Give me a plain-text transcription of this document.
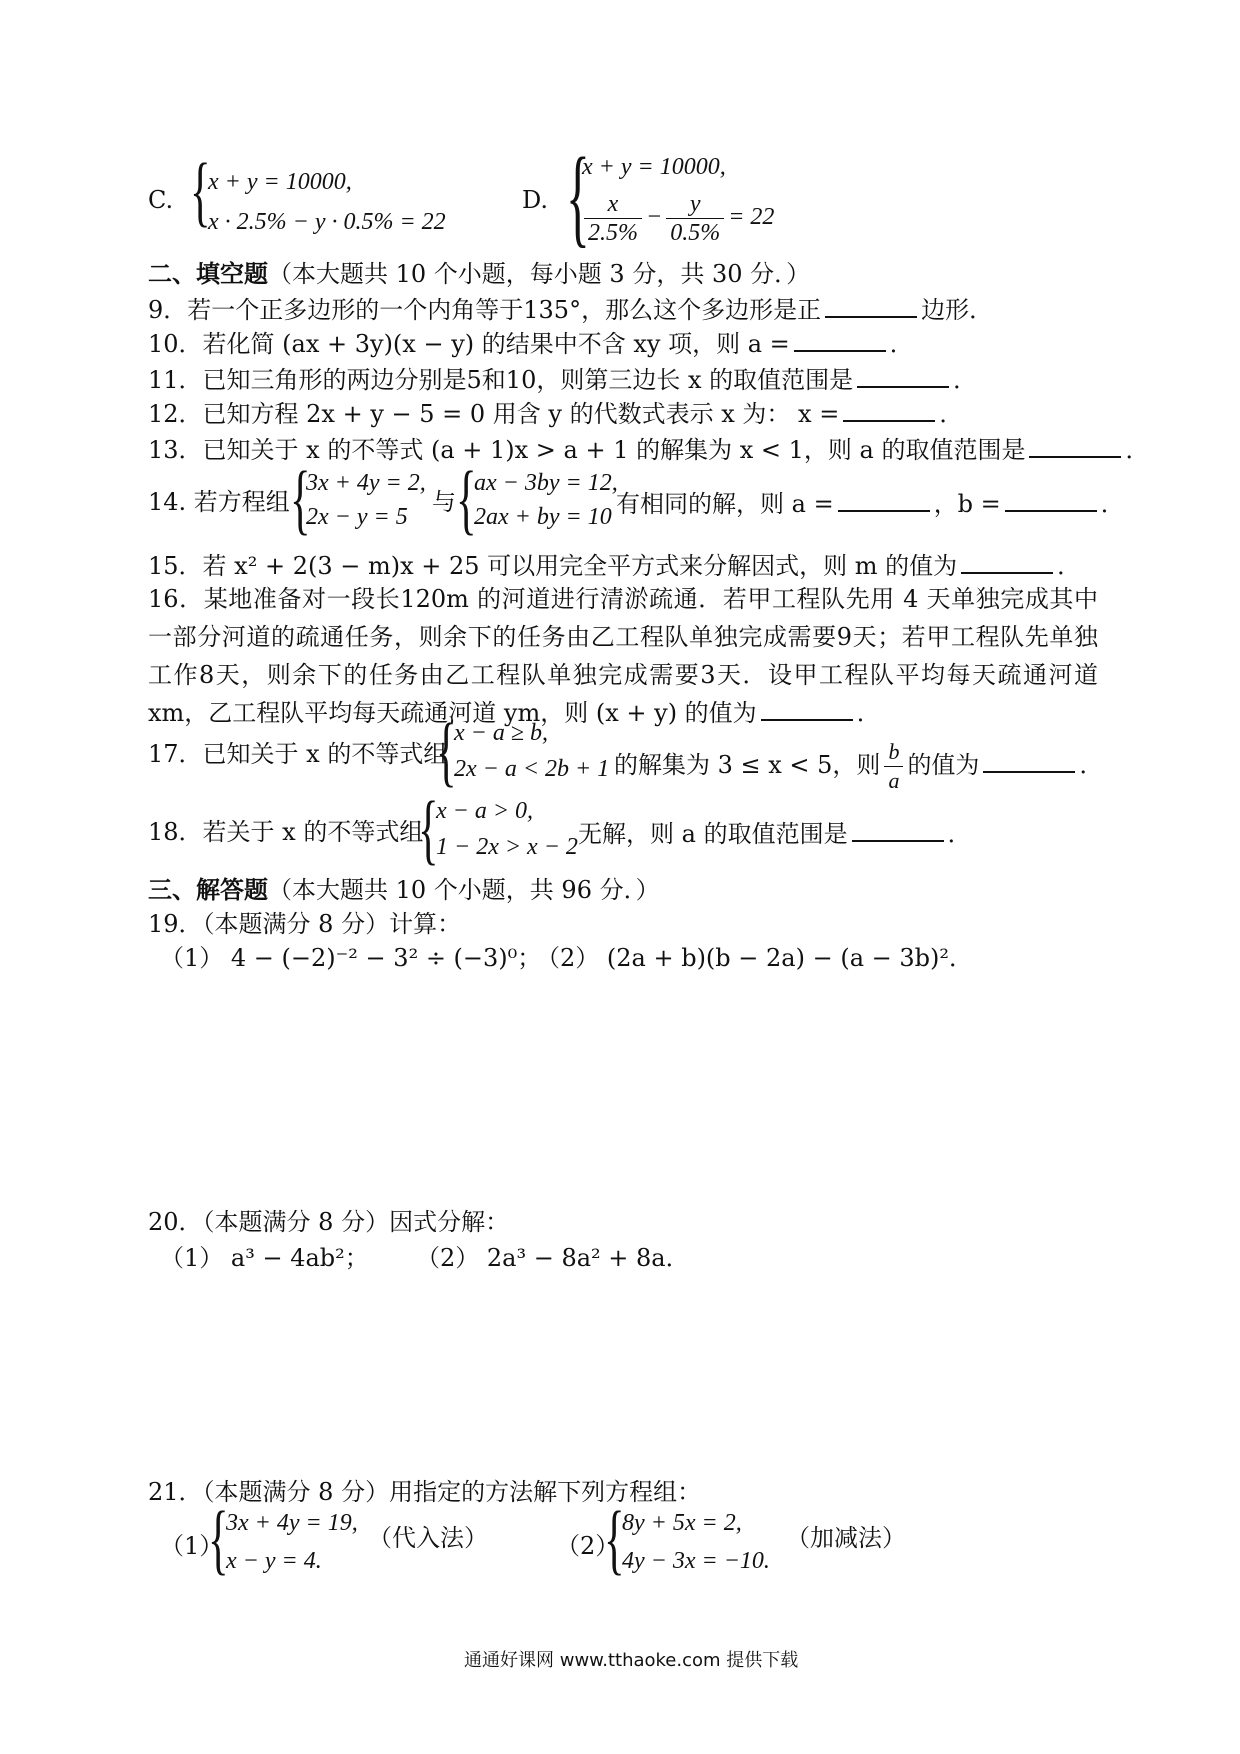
C. {
x + y = 10000,
x · 2.5% − y · 0.5% = 22
D. {
x + y = 10000,
$\frac{x}{2.5\%} - \frac{y}{0.5\%} = 22$
二、填空题（本大题共 10 个小题，每小题 3 分，共 30 分．）
9．若一个正多边形的一个内角等于135°，那么这个多边形是正	边形．
10．若化简 (ax + 3y)(x − y) 的结果中不含 xy 项，则 a =	．
11．已知三角形的两边分别是5和10，则第三边长 x 的取值范围是	．
12．已知方程 2x + y − 5 = 0 用含 y 的代数式表示 x 为： x =	．
13．已知关于 x 的不等式 (a + 1)x > a + 1 的解集为 x < 1，则 a 的取值范围是	．
14. 若方程组 {
3x + 4y = 2,
2x − y = 5
与 {
ax − 3by = 12,
2ax + by = 10 有相同的解，则 a =	，b =	．
15．若 x² + 2(3 − m)x + 25 可以用完全平方式来分解因式，则 m 的值为	．
16．某地准备对一段长120m 的河道进行清淤疏通．若甲工程队先用 4 天单独完成其中一部分河道的疏通任务，则余下的任务由乙工程队单独完成需要9天；若甲工程队先单独工作8天，则余下的任务由乙工程队单独完成需要3天．设甲工程队平均每天疏通河道 xm，乙工程队平均每天疏通河道 ym，则 (x + y) 的值为	．
17．已知关于 x 的不等式组
{
x − a ≥ b,
2x − a < 2b + 1 的解集为 3 ≤ x < 5，则 $\frac{b}{a}$ 的值为	．
18．若关于 x 的不等式组
{
x − a > 0,
1 − 2x > x − 2 无解，则 a 的取值范围是	．
三、解答题（本大题共 10 个小题，共 96 分．）
19．（本题满分 8 分）计算：
（1） 4 − (−2)⁻² − 3² ÷ (−3)⁰；
（2） (2a + b)(b − 2a) − (a − 3b)²．
20．（本题满分 8 分）因式分解：
（1） a³ − 4ab²； （2） 2a³ − 8a² + 8a．
21．（本题满分 8 分）用指定的方法解下列方程组：
（1）
{
3x + 4y = 19,
x − y = 4.
（代入法）	（2）
{
8y + 5x = 2,
4y − 3x = −10.
（加减法）
通通好课网 www.tthaoke.com 提供下载
